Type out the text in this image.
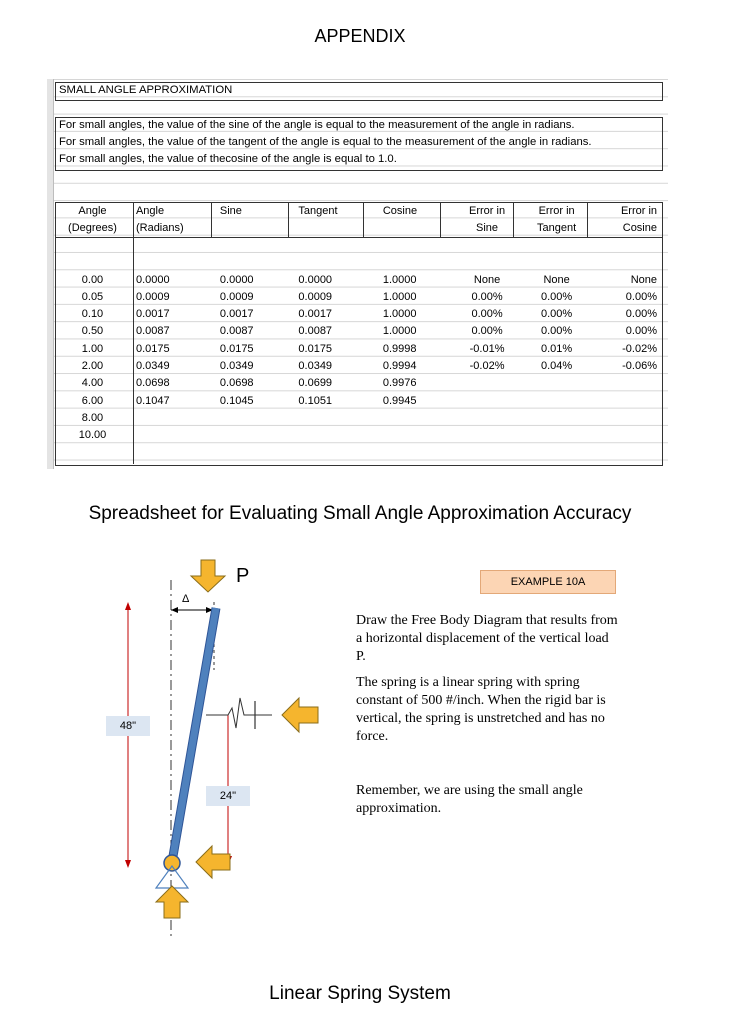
APPENDIX
SMALL ANGLE APPROXIMATION
For small angles, the value of the sine of the angle is equal to the measurement of the angle in radians.
For small angles, the value of the tangent of the angle is equal to the measurement of the angle in radians.
For small angles, the value of thecosine of the angle is equal to 1.0.
Angle	Angle	Sine	Tangent	Cosine	Error in	Error in	Error in
(Degrees)	(Radians)				Sine	Tangent	Cosine

0.00	0.0000	0.0000	0.0000	1.0000	None	None	None
0.05	0.0009	0.0009	0.0009	1.0000	0.00%	0.00%	0.00%
0.10	0.0017	0.0017	0.0017	1.0000	0.00%	0.00%	0.00%
0.50	0.0087	0.0087	0.0087	1.0000	0.00%	0.00%	0.00%
1.00	0.0175	0.0175	0.0175	0.9998	-0.01%	0.01%	-0.02%
2.00	0.0349	0.0349	0.0349	0.9994	-0.02%	0.04%	-0.06%
4.00	0.0698	0.0698	0.0699	0.9976			
6.00	0.1047	0.1045	0.1051	0.9945			
8.00							
10.00							
Spreadsheet for Evaluating Small Angle Approximation Accuracy
Δ
P
48"
24"
EXAMPLE 10A
Draw the Free Body Diagram that results from a horizontal displacement of the vertical load P.
The spring is a linear spring with spring constant of 500 #/inch. When the rigid bar is vertical, the spring is unstretched and has no force.
Remember, we are using the small angle approximation.
Linear Spring System
